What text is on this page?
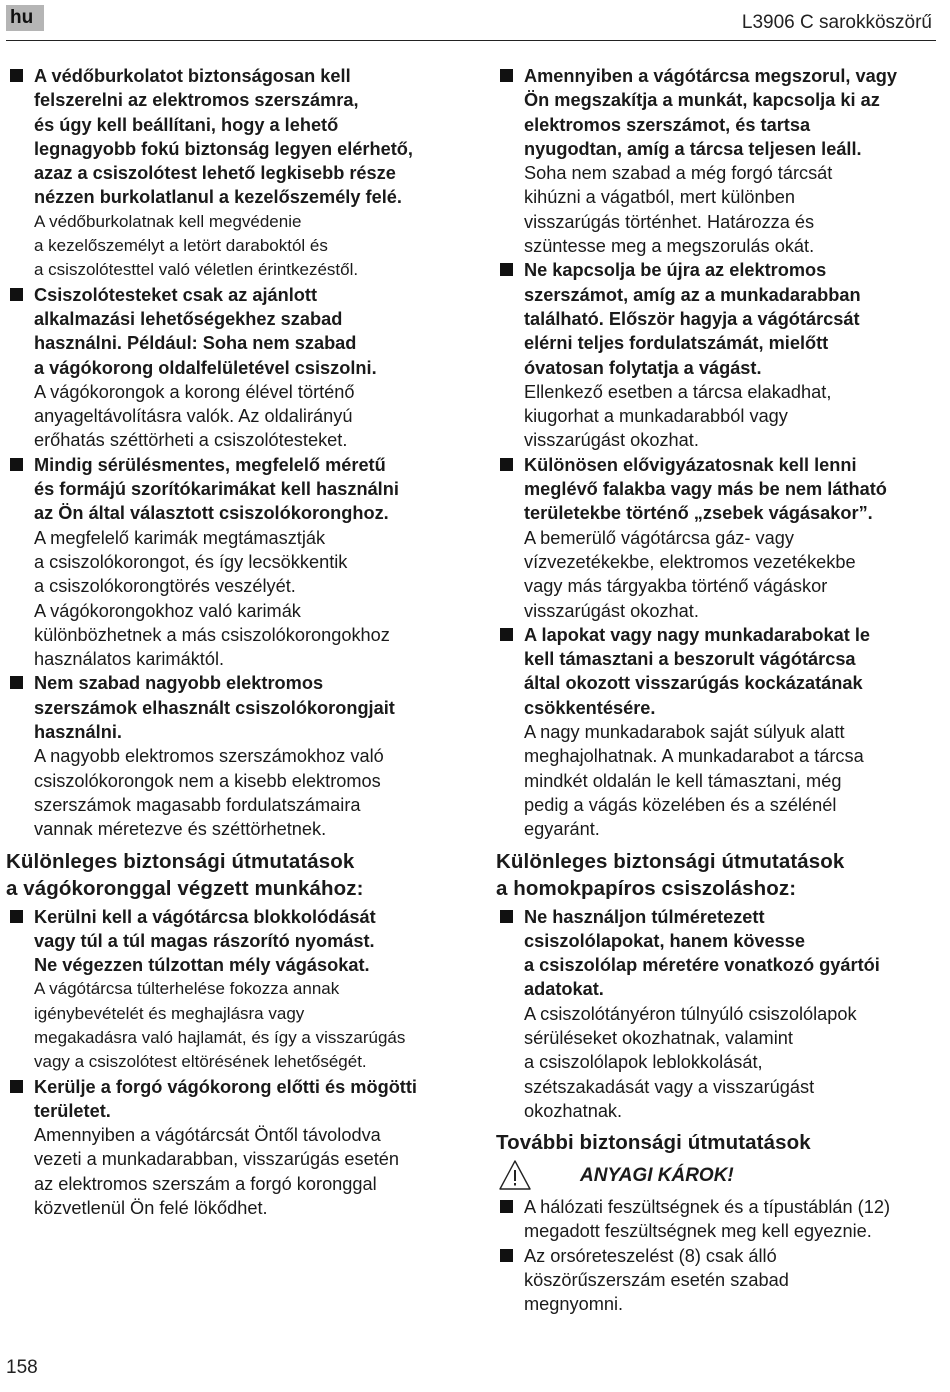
hu	L3906 C sarokköszörű
A védőburkolatot biztonságosan kell
felszerelni az elektromos szerszámra,
és úgy kell beállítani, hogy a lehető
legnagyobb fokú biztonság legyen elérhető,
azaz a csiszolótest lehető legkisebb része
nézzen burkolatlanul a kezelőszemély felé.
A védőburkolatnak kell megvédenie
a kezelőszemélyt a letört daraboktól és
a csiszolótesttel való véletlen érintkezéstől.
Csiszolótesteket csak az ajánlott
alkalmazási lehetőségekhez szabad
használni. Például: Soha nem szabad
a vágókorong oldalfelületével csiszolni.
A vágókorongok a korong élével történő
anyageltávolításra valók. Az oldalirányú
erőhatás széttörheti a csiszolótesteket.
Mindig sérülésmentes, megfelelő méretű
és formájú szorítókarimákat kell használni
az Ön által választott csiszolókoronghoz.
A megfelelő karimák megtámasztják
a csiszolókorongot, és így lecsökkentik
a csiszolókorongtörés veszélyét.
A vágókorongokhoz való karimák
különbözhetnek a más csiszolókorongokhoz
használatos karimáktól.
Nem szabad nagyobb elektromos
szerszámok elhasznált csiszolókorongjait
használni.
A nagyobb elektromos szerszámokhoz való
csiszolókorongok nem a kisebb elektromos
szerszámok magasabb fordulatszámaira
vannak méretezve és széttörhetnek.
Különleges biztonsági útmutatások
a vágókoronggal végzett munkához:
Kerülni kell a vágótárcsa blokkolódását
vagy túl a túl magas rászorító nyomást.
Ne végezzen túlzottan mély vágásokat.
A vágótárcsa túlterhelése fokozza annak
igénybevételét és meghajlásra vagy
megakadásra való hajlamát, és így a visszarúgás
vagy a csiszolótest eltörésének lehetőségét.
Kerülje a forgó vágókorong előtti és mögötti
területet.
Amennyiben a vágótárcsát Öntől távolodva
vezeti a munkadarabban, visszarúgás esetén
az elektromos szerszám a forgó koronggal
közvetlenül Ön felé lökődhet.
Amennyiben a vágótárcsa megszorul, vagy
Ön megszakítja a munkát, kapcsolja ki az
elektromos szerszámot, és tartsa
nyugodtan, amíg a tárcsa teljesen leáll.
Soha nem szabad a még forgó tárcsát
kihúzni a vágatból, mert különben
visszarúgás történhet. Határozza és
szüntesse meg a megszorulás okát.
Ne kapcsolja be újra az elektromos
szerszámot, amíg az a munkadarabban
található. Először hagyja a vágótárcsát
elérni teljes fordulatszámát, mielőtt
óvatosan folytatja a vágást.
Ellenkező esetben a tárcsa elakadhat,
kiugorhat a munkadarabból vagy
visszarúgást okozhat.
Különösen elővigyázatosnak kell lenni
meglévő falakba vagy más be nem látható
területekbe történő „zsebek vágásakor”.
A bemerülő vágótárcsa gáz- vagy
vízvezetékekbe, elektromos vezetékekbe
vagy más tárgyakba történő vágáskor
visszarúgást okozhat.
A lapokat vagy nagy munkadarabokat le
kell támasztani a beszorult vágótárcsa
által okozott visszarúgás kockázatának
csökkentésére.
A nagy munkadarabok saját súlyuk alatt
meghajolhatnak. A munkadarabot a tárcsa
mindkét oldalán le kell támasztani, még
pedig a vágás közelében és a szélénél
egyaránt.
Különleges biztonsági útmutatások
a homokpapíros csiszoláshoz:
Ne használjon túlméretezett
csiszolólapokat, hanem kövesse
a csiszolólap méretére vonatkozó gyártói
adatokat.
A csiszolótányéron túlnyúló csiszolólapok
sérüléseket okozhatnak, valamint
a csiszolólapok leblokkolását,
szétszakadását vagy a visszarúgást
okozhatnak.
További biztonsági útmutatások
ANYAGI KÁROK!
A hálózati feszültségnek és a típustáblán (12)
megadott feszültségnek meg kell egyeznie.
Az orsóreteszelést (8) csak álló
köszörűszerszám esetén szabad
megnyomni.
158
